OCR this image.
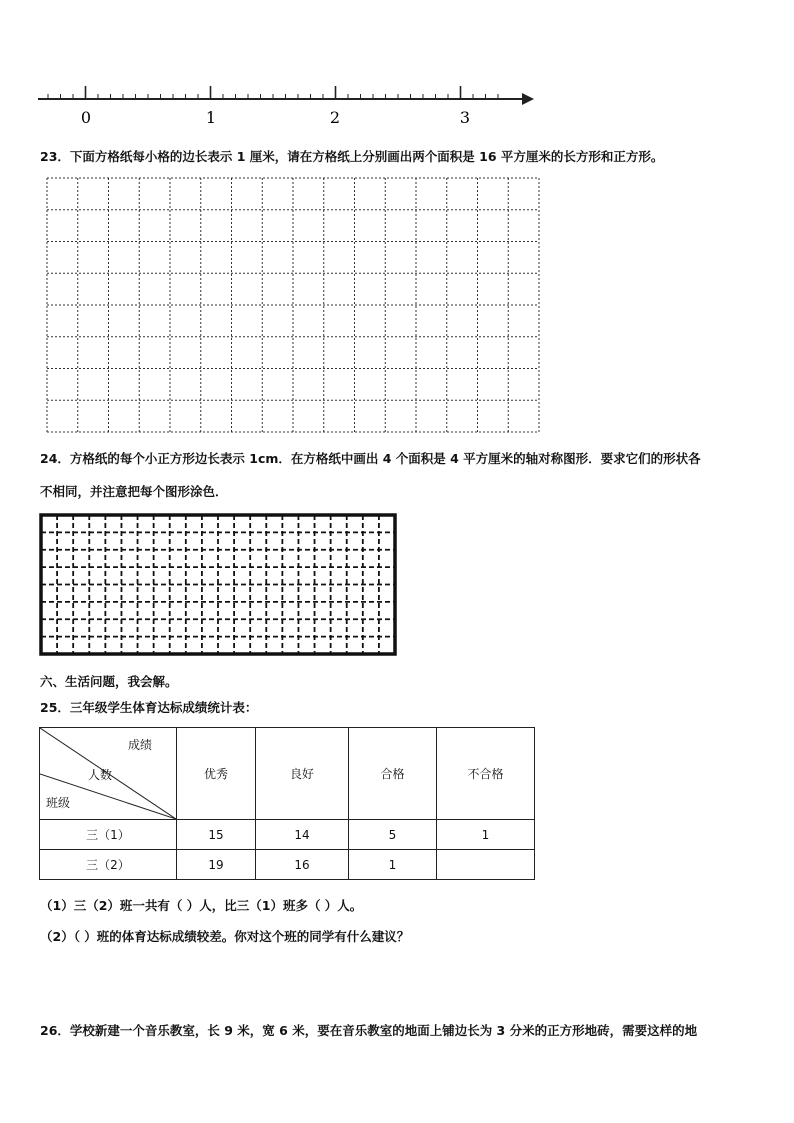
0	1	2	3
23．下面方格纸每小格的边长表示 1 厘米，请在方格纸上分别画出两个面积是 16 平方厘米的长方形和正方形。
24．方格纸的每个小正方形边长表示 1cm．在方格纸中画出 4 个面积是 4 平方厘米的轴对称图形．要求它们的形状各
不相同，并注意把每个图形涂色．
六、生活问题，我会解。
25．三年级学生体育达标成绩统计表：
成绩
人数
班级	优秀	良好	合格	不合格
三（1）	15	14	5	1
三（2）	19	16	1	
（1）三（2）班一共有（ ）人，比三（1）班多（ ）人。
（2）（ ）班的体育达标成绩较差。你对这个班的同学有什么建议？
26．学校新建一个音乐教室，长 9 米，宽 6 米，要在音乐教室的地面上铺边长为 3 分米的正方形地砖，需要这样的地
